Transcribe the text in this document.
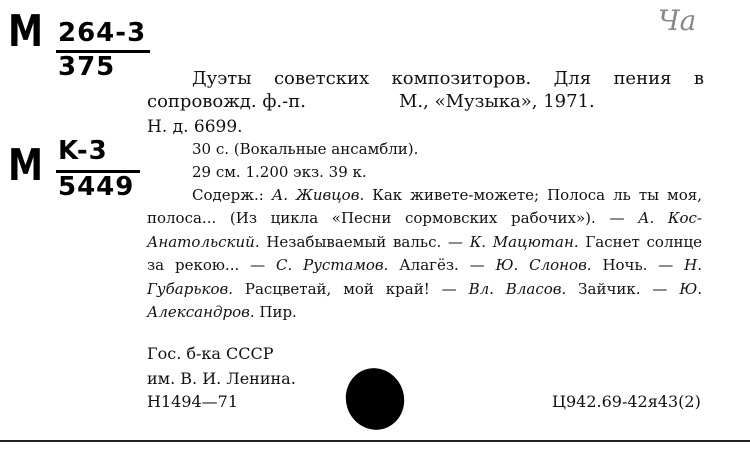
M 264-3
375
M K-3
5449
Ча
Дуэты советских композиторов. Для пения в
сопровожд. ф.-п.	М., «Музыка», 1971.
Н. д. 6699.
30 с. (Вокальные ансамбли).
29 см. 1.200 экз. 39 к.
Содерж.: А. Живцов. Как живете-можете; Полоса ль ты моя, полоса... (Из цикла «Песни сормовских рабочих»). — А. Кос-Анатольский. Незабываемый вальс. — К. Мацютан. Гаснет солнце за рекою... — С. Рустамов. Алагёз. — Ю. Слонов. Ночь. — Н. Губарьков. Расцветай, мой край! — Вл. Власов. Зайчик. — Ю. Александров. Пир.
Гос. б-ка СССР
им. В. И. Ленина.
Н1494—71	Ц942.69-42я43(2)
